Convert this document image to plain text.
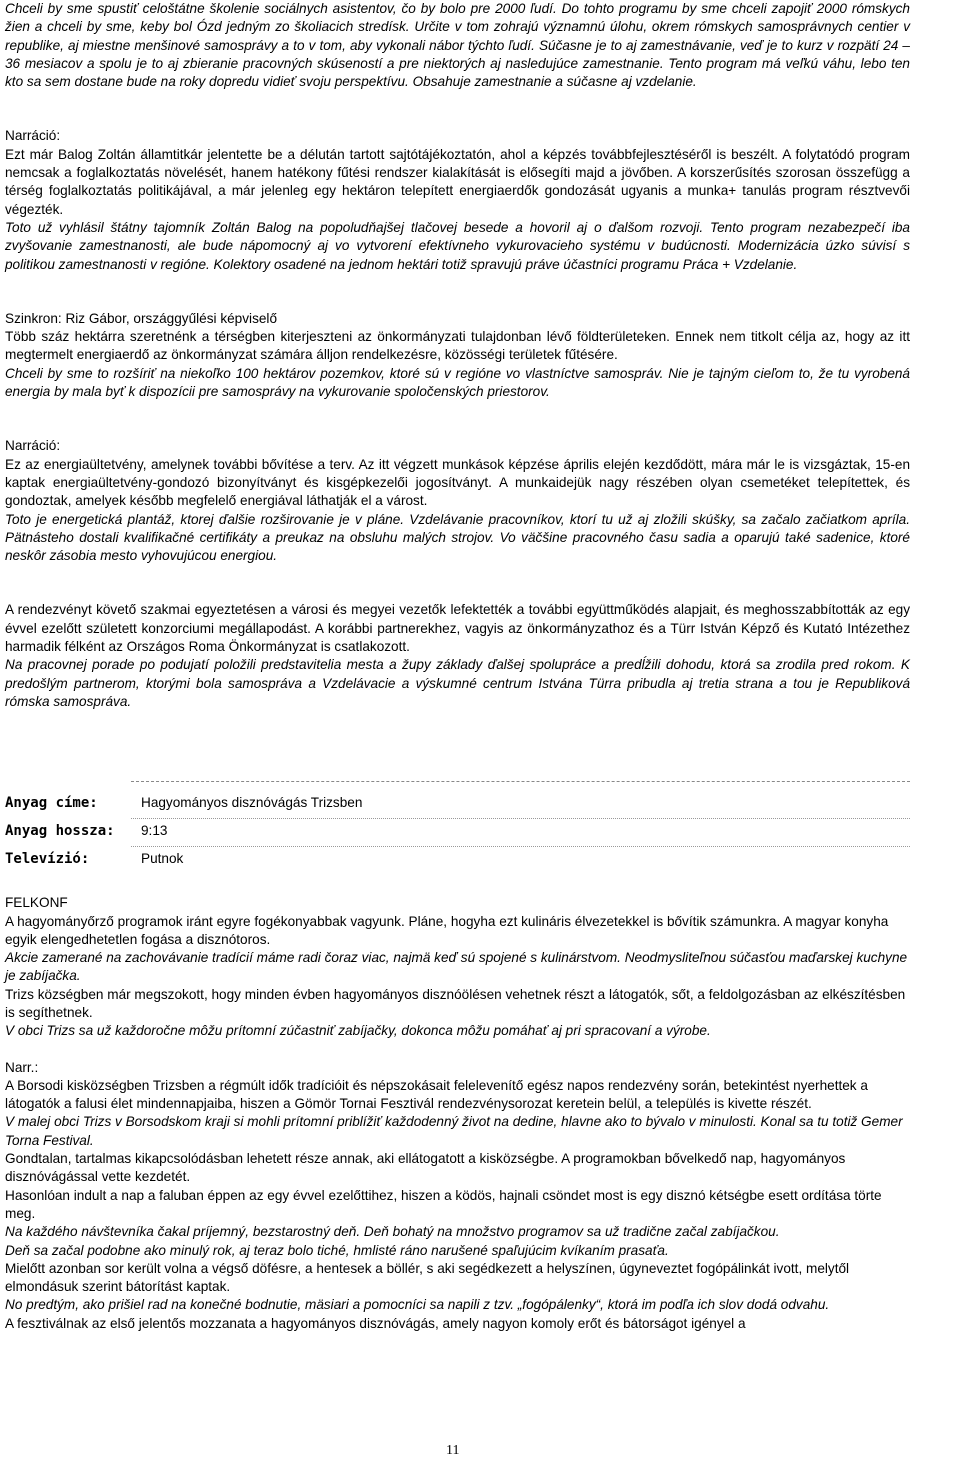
Chceli by sme spustiť celoštátne školenie sociálnych asistentov, čo by bolo pre 2000 ľudí. Do tohto programu by sme chceli zapojiť 2000 rómskych žien a chceli by sme, keby bol Ózd jedným zo školiacich stredísk. Určite v tom zohrajú významnú úlohu, okrem rómskych samosprávnych centier v republike, aj miestne menšinové samosprávy a to v tom, aby vykonali nábor týchto ľudí. Súčasne je to aj zamestnávanie, veď je to kurz v rozpätí 24 – 36 mesiacov a spolu je to aj zbieranie pracovných skúseností a pre niektorých aj nasledujúce zamestnanie. Tento program má veľkú váhu, lebo ten kto sa sem dostane bude na roky dopredu vidieť svoju perspektívu. Obsahuje zamestnanie a súčasne aj vzdelanie.

Narráció:

Ezt már Balog Zoltán államtitkár jelentette be a délután tartott sajtótájékoztatón, ahol a képzés továbbfejlesztéséről is beszélt. A folytatódó program nemcsak a foglalkoztatás növelését, hanem hatékony fűtési rendszer kialakítását is elősegíti majd a jövőben. A korszerűsítés szorosan összefügg a térség foglalkoztatás politikájával, a már jelenleg egy hektáron telepített energiaerdők gondozását ugyanis a munka+ tanulás program résztvevői végezték.

Toto už vyhlásil štátny tajomník Zoltán Balog na popoludňajšej tlačovej besede a hovoril aj o ďalšom rozvoji. Tento program nezabezpečí iba zvyšovanie zamestnanosti, ale bude nápomocný aj vo vytvorení efektívneho vykurovacieho systému v budúcnosti. Modernizácia úzko súvisí s politikou zamestnanosti v regióne. Kolektory osadené na jednom hektári totiž spravujú práve účastníci programu Práca + Vzdelanie.

Szinkron: Riz Gábor, országgyűlési képviselő

Több száz hektárra szeretnénk a térségben kiterjeszteni az önkormányzati tulajdonban lévő földterületeken. Ennek nem titkolt célja az, hogy az itt megtermelt energiaerdő az önkormányzat számára álljon rendelkezésre, közösségi területek fűtésére.

Chceli by sme to rozšíriť na niekoľko 100 hektárov pozemkov, ktoré sú v regióne vo vlastníctve samospráv. Nie je tajným cieľom to, že tu vyrobená energia by mala byť k dispozícii pre samosprávy na vykurovanie spoločenských priestorov.

Narráció:

Ez az energiaültetvény, amelynek további bővítése a terv. Az itt végzett munkások képzése április elején kezdődött, mára már le is vizsgáztak, 15-en kaptak energiaültetvény-gondozó bizonyítványt és kisgépkezelői jogosítványt. A munkaidejük nagy részében olyan csemetéket telepítettek, és gondoztak, amelyek később megfelelő energiával láthatják el a várost.

Toto je energetická plantáž, ktorej ďalšie rozširovanie je v pláne. Vzdelávanie pracovníkov, ktorí tu už aj zložili skúšky, sa začalo začiatkom apríla. Pätnásteho dostali kvalifikačné certifikáty a preukaz na obsluhu malých strojov. Vo väčšine pracovného času sadia a oparujú také sadenice, ktoré neskôr zásobia mesto vyhovujúcou energiou.

A rendezvényt követő szakmai egyeztetésen a városi és megyei vezetők lefektették a további együttműködés alapjait, és meghosszabbították az egy évvel ezelőtt született konzorciumi megállapodást. A korábbi partnerekhez, vagyis az önkormányzathoz és a Türr István Képző és Kutató Intézethez harmadik félként az Országos Roma Önkormányzat is csatlakozott.

Na pracovnej porade po podujatí položili predstavitelia mesta a župy základy ďalšej spolupráce a predĺžili dohodu, ktorá sa zrodila pred rokom. K predošlým partnerom, ktorými bola samospráva a Vzdelávacie a výskumné centrum Istvána Türra pribudla aj tretia strana a tou je Republiková rómska samospráva.

Anyag címe:	Hagyományos disznóvágás Trizsben
Anyag hossza: 9:13
Televízió:	Putnok

FELKONF

A hagyományőrző programok iránt egyre fogékonyabbak vagyunk. Pláne, hogyha ezt kulináris élvezetekkel is bővítik számunkra. A magyar konyha egyik elengedhetetlen fogása a disznótoros.

Akcie zamerané na zachovávanie tradícií máme radi čoraz viac, najmä keď sú spojené s kulinárstvom. Neodmysliteľnou súčasťou maďarskej kuchyne je zabíjačka.

Trizs községben már megszokott, hogy minden évben hagyományos disznóölésen vehetnek részt a látogatók, sőt, a feldolgozásban az elkészítésben is segíthetnek.

V obci Trizs sa už každoročne môžu prítomní zúčastniť zabíjačky, dokonca môžu pomáhať aj pri spracovaní a výrobe.

Narr.:

A Borsodi kisközségben Trizsben a régmúlt idők tradícióit és népszokásait felelevenítő egész napos rendezvény során, betekintést nyerhettek a látogatók a falusi élet mindennapjaiba, hiszen a Gömör Tornai Fesztivál rendezvénysorozat keretein belül, a település is kivette részét.

V malej obci Trizs v Borsodskom kraji si mohli prítomní priblížiť každodenný život na dedine, hlavne ako to bývalo v minulosti. Konal sa tu totiž Gemer Torna Festival.

Gondtalan, tartalmas kikapcsolódásban lehetett része annak, aki ellátogatott a kisközségbe. A programokban bővelkedő nap, hagyományos disznóvágással vette kezdetét.

Hasonlóan indult a nap a faluban éppen az egy évvel ezelőttihez, hiszen a ködös, hajnali csöndet most is egy disznó kétségbe esett ordítása törte meg.

Na každého návštevníka čakal príjemný, bezstarostný deň. Deň bohatý na množstvo programov sa už tradične začal zabíjačkou.

Deň sa začal podobne ako minulý rok, aj teraz bolo tiché, hmlisté ráno narušené spaľujúcim kvíkaním prasaťa.

Mielőtt azonban sor került volna a végső döfésre, a hentesek a böllér, s aki segédkezett a helyszínen, úgyneveztet fogópálinkát ivott, melytől elmondásuk szerint bátorítást kaptak.

No predtým, ako prišiel rad na konečné bodnutie, mäsiari a pomocníci sa napili z tzv. „fogópálenky“, ktorá im podľa ich slov dodá odvahu.

A fesztiválnak az első jelentős mozzanata a hagyományos disznóvágás, amely nagyon komoly erőt és bátorságot igényel a

11
